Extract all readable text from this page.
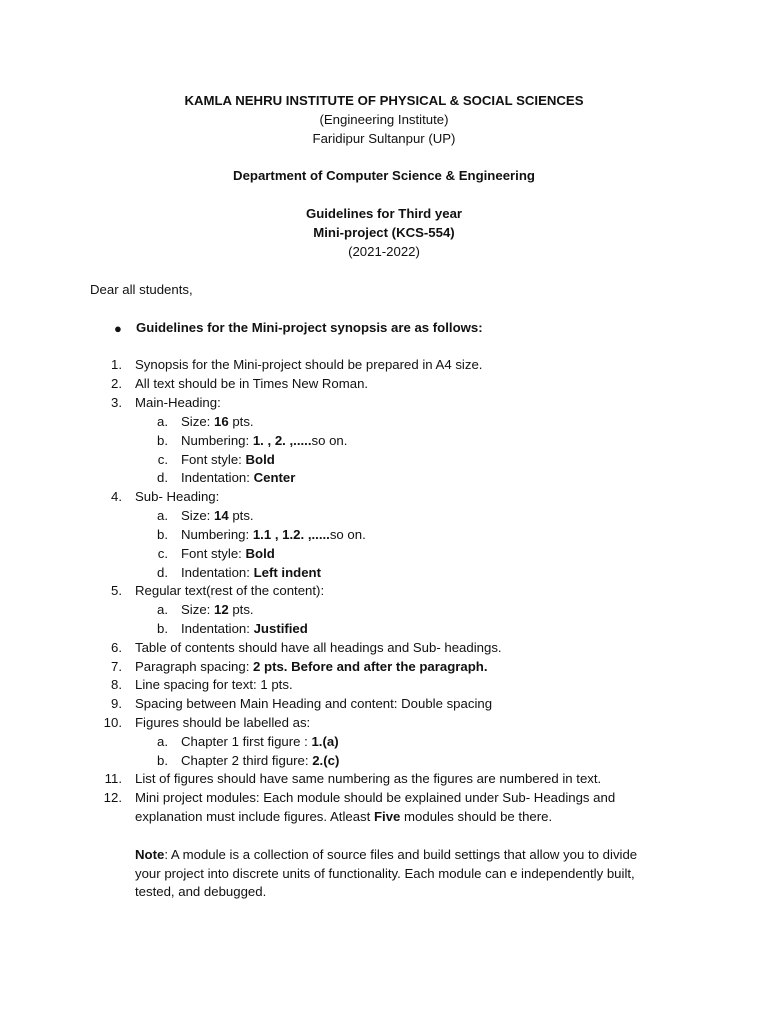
KAMLA NEHRU INSTITUTE OF PHYSICAL & SOCIAL SCIENCES
(Engineering Institute)
Faridipur Sultanpur (UP)
Department of Computer Science & Engineering
Guidelines for Third year
Mini-project (KCS-554)
(2021-2022)
Dear all students,
● Guidelines for the Mini-project synopsis are as follows:
1. Synopsis for the Mini-project should be prepared in A4 size.
2. All text should be in Times New Roman.
3. Main-Heading:
a. Size: 16 pts.
b. Numbering: 1. , 2. ,.....so on.
c. Font style: Bold
d. Indentation: Center
4. Sub- Heading:
a. Size: 14 pts.
b. Numbering: 1.1 , 1.2. ,.....so on.
c. Font style: Bold
d. Indentation: Left indent
5. Regular text(rest of the content):
a. Size: 12 pts.
b. Indentation: Justified
6. Table of contents should have all headings and Sub- headings.
7. Paragraph spacing: 2 pts. Before and after the paragraph.
8. Line spacing for text: 1 pts.
9. Spacing between Main Heading and content: Double spacing
10. Figures should be labelled as:
a. Chapter 1 first figure : 1.(a)
b. Chapter 2 third figure: 2.(c)
11. List of figures should have same numbering as the figures are numbered in text.
12. Mini project modules: Each module should be explained under Sub- Headings and
explanation must include figures. Atleast Five modules should be there.
Note: A module is a collection of source files and build settings that allow you to divide
your project into discrete units of functionality. Each module can e independently built,
tested, and debugged.
